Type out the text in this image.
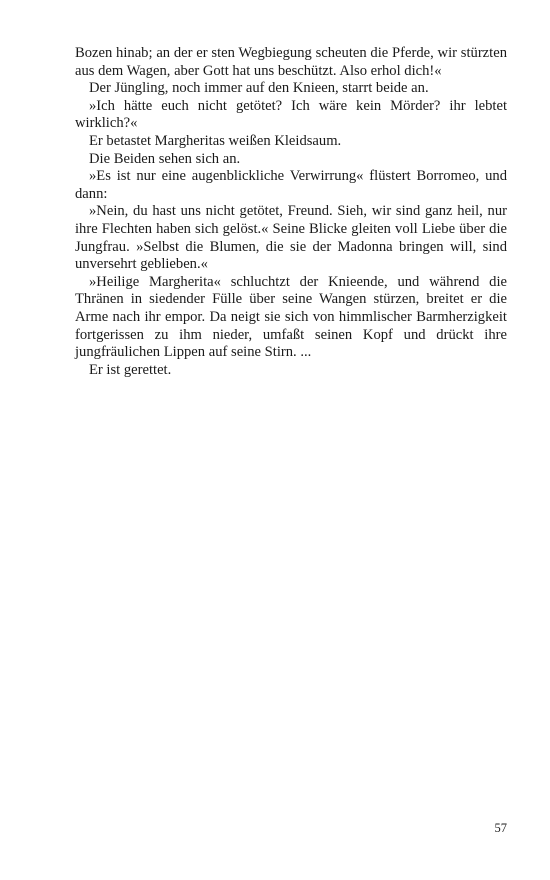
Bozen hinab; an der er sten Wegbiegung scheuten die Pferde, wir stürzten aus dem Wagen, aber Gott hat uns beschützt. Also erhol dich!«

Der Jüngling, noch immer auf den Knieen, starrt beide an.

»Ich hätte euch nicht getötet? Ich wäre kein Mörder? ihr lebtet wirklich?«

Er betastet Margheritas weißen Kleidsaum.

Die Beiden sehen sich an.

»Es ist nur eine augenblickliche Verwirrung« flüstert Borromeo, und dann:

»Nein, du hast uns nicht getötet, Freund. Sieh, wir sind ganz heil, nur ihre Flechten haben sich gelöst.« Seine Blicke gleiten voll Liebe über die Jungfrau. »Selbst die Blumen, die sie der Madonna bringen will, sind unversehrt geblieben.«

»Heilige Margherita« schluchtzt der Knieende, und während die Thränen in siedender Fülle über seine Wangen stürzen, breitet er die Arme nach ihr empor. Da neigt sie sich von himmlischer Barmherzigkeit fortgerissen zu ihm nieder, umfaßt seinen Kopf und drückt ihre jungfräulichen Lippen auf seine Stirn. ...

Er ist gerettet.

57
